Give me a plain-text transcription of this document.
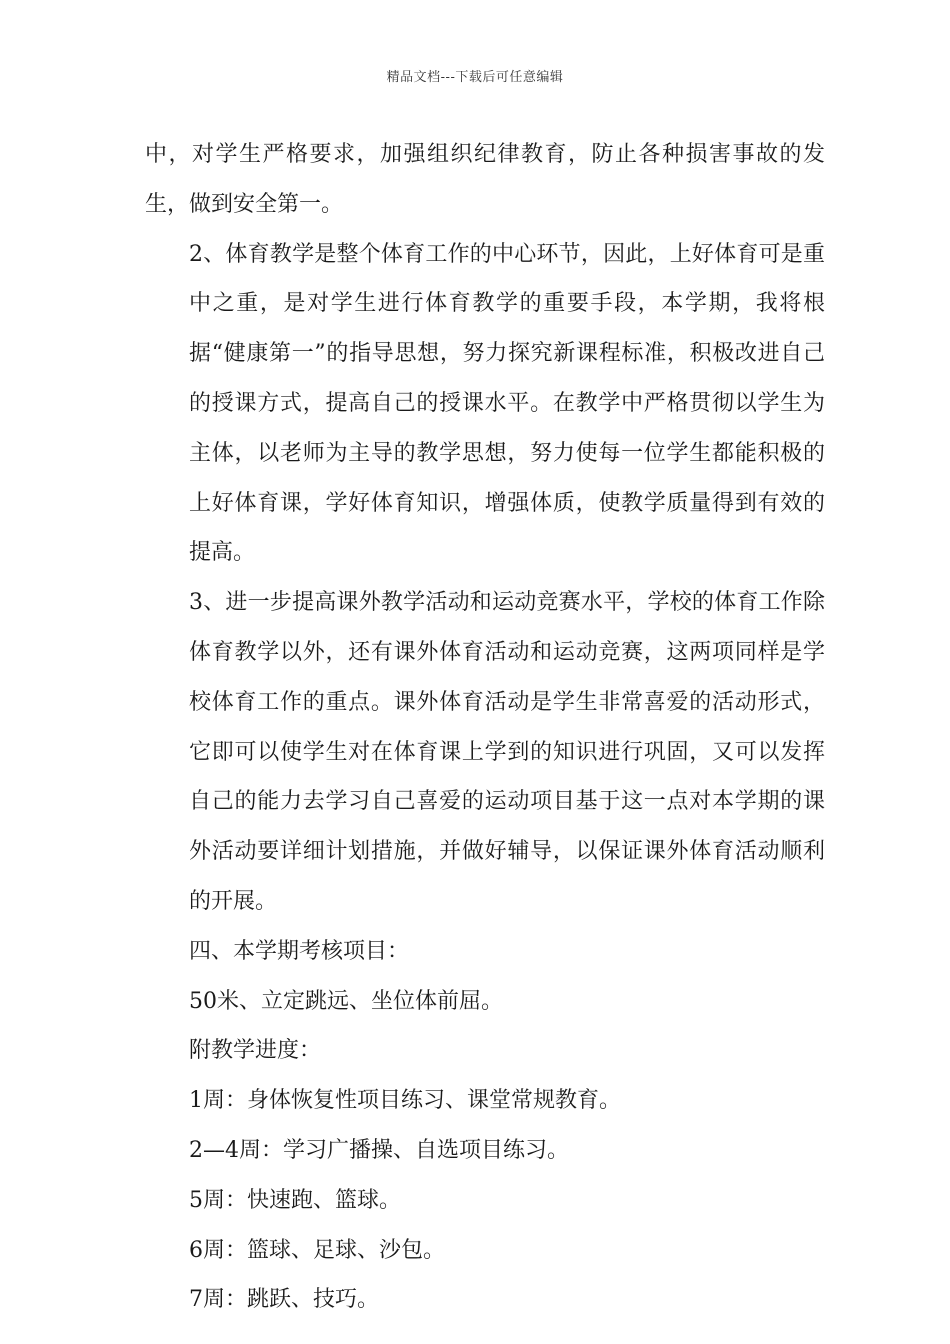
精品文档---下载后可任意编辑

中，对学生严格要求，加强组织纪律教育，防止各种损害事故的发生，做到安全第一。

2、体育教学是整个体育工作的中心环节，因此，上好体育可是重中之重，是对学生进行体育教学的重要手段，本学期，我将根据“健康第一”的指导思想，努力探究新课程标准，积极改进自己的授课方式，提高自己的授课水平。在教学中严格贯彻以学生为主体，以老师为主导的教学思想，努力使每一位学生都能积极的上好体育课，学好体育知识，增强体质，使教学质量得到有效的提高。

3、进一步提高课外教学活动和运动竞赛水平，学校的体育工作除体育教学以外，还有课外体育活动和运动竞赛，这两项同样是学校体育工作的重点。课外体育活动是学生非常喜爱的活动形式，它即可以使学生对在体育课上学到的知识进行巩固，又可以发挥自己的能力去学习自己喜爱的运动项目基于这一点对本学期的课外活动要详细计划措施，并做好辅导，以保证课外体育活动顺利的开展。

四、本学期考核项目：

50米、立定跳远、坐位体前屈。

附教学进度：

1周：身体恢复性项目练习、课堂常规教育。

2—4周：学习广播操、自选项目练习。

5周：快速跑、篮球。

6周：篮球、足球、沙包。

7周：跳跃、技巧。
